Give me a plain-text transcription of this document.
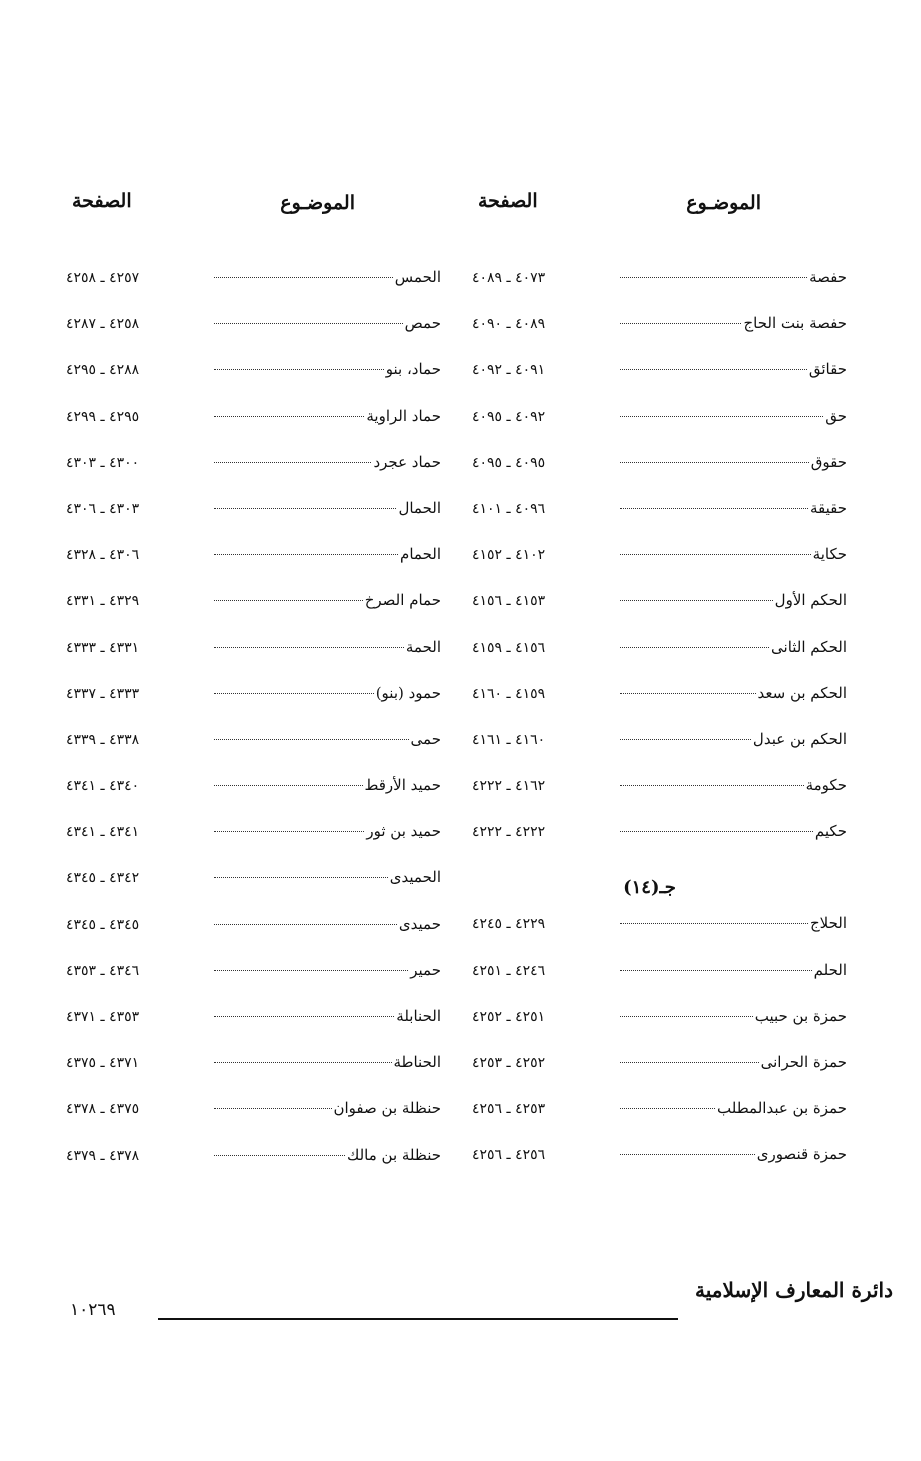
الموضـوع
الصفحة
حفصة
٤٠٧٣ ـ ٤٠٨٩
حفصة بنت الحاج
٤٠٨٩ ـ ٤٠٩٠
حقائق
٤٠٩١ ـ ٤٠٩٢
حق
٤٠٩٢ ـ ٤٠٩٥
حقوق
٤٠٩٥ ـ ٤٠٩٥
حقيقة
٤٠٩٦ ـ ٤١٠١
حكاية
٤١٠٢ ـ ٤١٥٢
الحكم الأول
٤١٥٣ ـ ٤١٥٦
الحكم الثانى
٤١٥٦ ـ ٤١٥٩
الحكم بن سعد
٤١٥٩ ـ ٤١٦٠
الحكم بن عبدل
٤١٦٠ ـ ٤١٦١
حكومة
٤١٦٢ ـ ٤٢٢٢
حكيم
٤٢٢٢ ـ ٤٢٢٢
جـ(١٤)
الحلاج
٤٢٢٩ ـ ٤٢٤٥
الحلم
٤٢٤٦ ـ ٤٢٥١
حمزة بن حبيب
٤٢٥١ ـ ٤٢٥٢
حمزة الحرانى
٤٢٥٢ ـ ٤٢٥٣
حمزة بن عبدالمطلب
٤٢٥٣ ـ ٤٢٥٦
حمزة قنصورى
٤٢٥٦ ـ ٤٢٥٦
الموضـوع
الصفحة
الحمس
٤٢٥٧ ـ ٤٢٥٨
حمص
٤٢٥٨ ـ ٤٢٨٧
حماد، بنو
٤٢٨٨ ـ ٤٢٩٥
حماد الراوية
٤٢٩٥ ـ ٤٢٩٩
حماد عجرد
٤٣٠٠ ـ ٤٣٠٣
الحمال
٤٣٠٣ ـ ٤٣٠٦
الحمام
٤٣٠٦ ـ ٤٣٢٨
حمام الصرخ
٤٣٢٩ ـ ٤٣٣١
الحمة
٤٣٣١ ـ ٤٣٣٣
حمود (بنو)
٤٣٣٣ ـ ٤٣٣٧
حمى
٤٣٣٨ ـ ٤٣٣٩
حميد الأرقط
٤٣٤٠ ـ ٤٣٤١
حميد بن ثور
٤٣٤١ ـ ٤٣٤١
الحميدى
٤٣٤٢ ـ ٤٣٤٥
حميدى
٤٣٤٥ ـ ٤٣٤٥
حمير
٤٣٤٦ ـ ٤٣٥٣
الحنابلة
٤٣٥٣ ـ ٤٣٧١
الحناطة
٤٣٧١ ـ ٤٣٧٥
حنظلة بن صفوان
٤٣٧٥ ـ ٤٣٧٨
حنظلة بن مالك
٤٣٧٨ ـ ٤٣٧٩
دائرة المعارف الإسلامية
١٠٢٦٩
